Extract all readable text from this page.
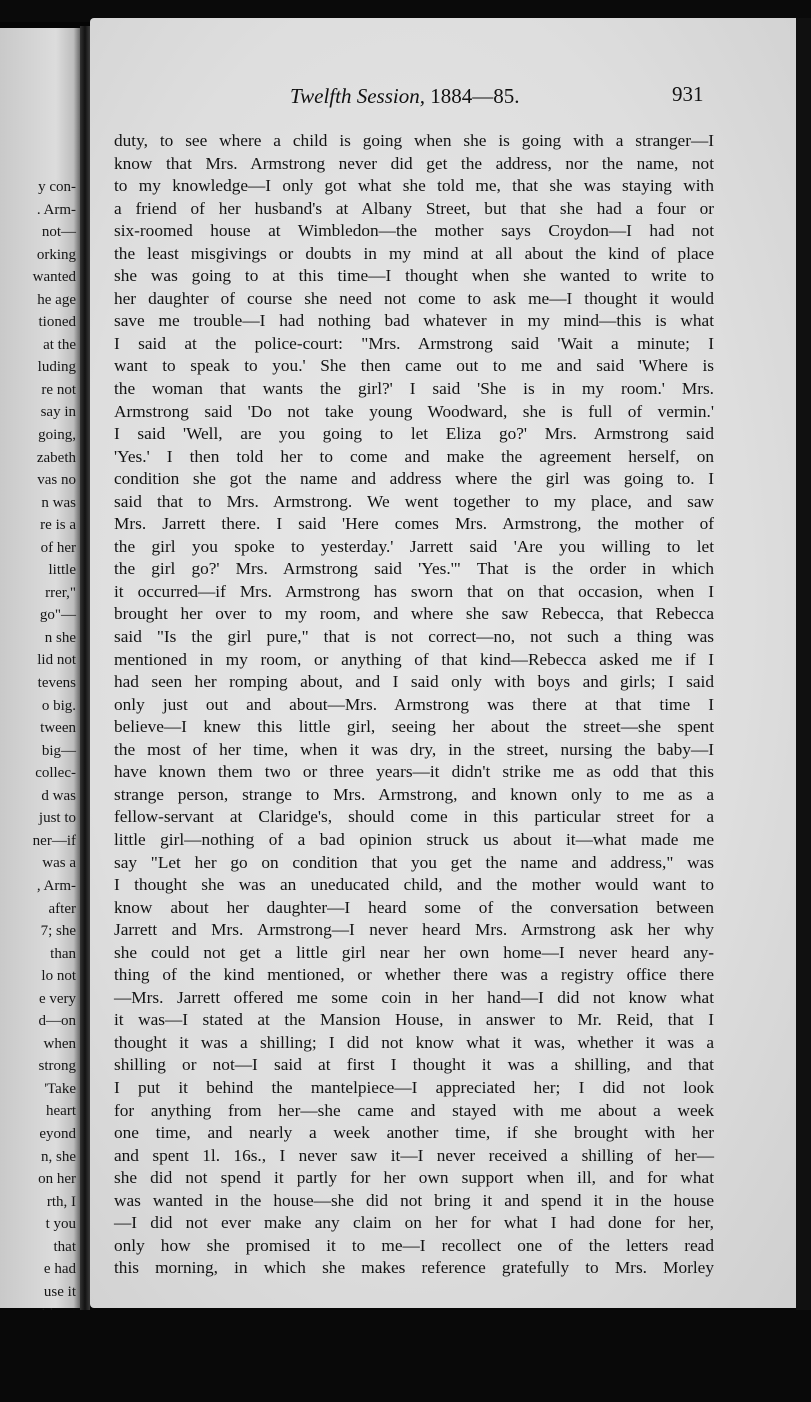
y con-
. Arm-
not—
orking
wanted
he age
tioned
at the
luding
re not
say in
going,
zabeth
vas no
n was
re is a
of her
little
rrer,"
go"—
n she
lid not
tevens
o big.
tween
big—
collec-
d was
just to
ner—if
was a
, Arm-
after
7; she
than
lo not
e very
d—on
when
strong
'Take
heart
eyond
n, she
on her
rth, I
t you
that
e had
use it
Twelfth Session, 1884—85.	931
duty, to see where a child is going when she is going with a stranger—I
know that Mrs. Armstrong never did get the address, nor the name, not
to my knowledge—I only got what she told me, that she was staying with
a friend of her husband's at Albany Street, but that she had a four or
six-roomed house at Wimbledon—the mother says Croydon—I had not
the least misgivings or doubts in my mind at all about the kind of place
she was going to at this time—I thought when she wanted to write to
her daughter of course she need not come to ask me—I thought it would
save me trouble—I had nothing bad whatever in my mind—this is what
I said at the police-court: "Mrs. Armstrong said 'Wait a minute; I
want to speak to you.' She then came out to me and said 'Where is
the woman that wants the girl?' I said 'She is in my room.' Mrs.
Armstrong said 'Do not take young Woodward, she is full of vermin.'
I said 'Well, are you going to let Eliza go?' Mrs. Armstrong said
'Yes.' I then told her to come and make the agreement herself, on
condition she got the name and address where the girl was going to. I
said that to Mrs. Armstrong. We went together to my place, and saw
Mrs. Jarrett there. I said 'Here comes Mrs. Armstrong, the mother of
the girl you spoke to yesterday.' Jarrett said 'Are you willing to let
the girl go?' Mrs. Armstrong said 'Yes.'" That is the order in which
it occurred—if Mrs. Armstrong has sworn that on that occasion, when I
brought her over to my room, and where she saw Rebecca, that Rebecca
said "Is the girl pure," that is not correct—no, not such a thing was
mentioned in my room, or anything of that kind—Rebecca asked me if I
had seen her romping about, and I said only with boys and girls; I said
only just out and about—Mrs. Armstrong was there at that time I
believe—I knew this little girl, seeing her about the street—she spent
the most of her time, when it was dry, in the street, nursing the baby—I
have known them two or three years—it didn't strike me as odd that this
strange person, strange to Mrs. Armstrong, and known only to me as a
fellow-servant at Claridge's, should come in this particular street for a
little girl—nothing of a bad opinion struck us about it—what made me
say "Let her go on condition that you get the name and address," was
I thought she was an uneducated child, and the mother would want to
know about her daughter—I heard some of the conversation between
Jarrett and Mrs. Armstrong—I never heard Mrs. Armstrong ask her why
she could not get a little girl near her own home—I never heard any-
thing of the kind mentioned, or whether there was a registry office there
—Mrs. Jarrett offered me some coin in her hand—I did not know what
it was—I stated at the Mansion House, in answer to Mr. Reid, that I
thought it was a shilling; I did not know what it was, whether it was a
shilling or not—I said at first I thought it was a shilling, and that
I put it behind the mantelpiece—I appreciated her; I did not look
for anything from her—she came and stayed with me about a week
one time, and nearly a week another time, if she brought with her
and spent 1l. 16s., I never saw it—I never received a shilling of her—
she did not spend it partly for her own support when ill, and for what
was wanted in the house—she did not bring it and spend it in the house
—I did not ever make any claim on her for what I had done for her,
only how she promised it to me—I recollect one of the letters read
this morning, in which she makes reference gratefully to Mrs. Morley
